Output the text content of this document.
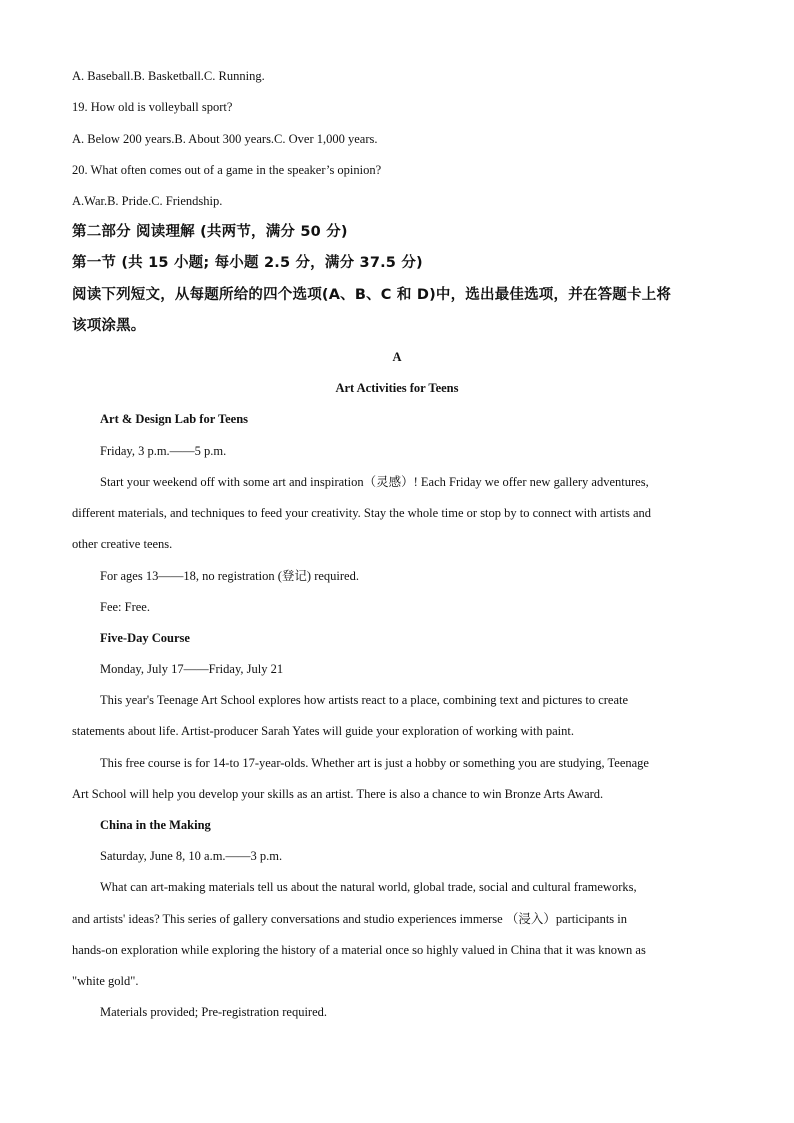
A. Baseball.B. Basketball.C. Running.
19. How old is volleyball sport?
A. Below 200 years.B. About 300 years.C. Over 1,000 years.
20. What often comes out of a game in the speaker’s opinion?
A.War.B. Pride.C. Friendship.
第二部分 阅读理解 (共两节，满分 50 分)
第一节 (共 15 小题; 每小题 2.5 分，满分 37.5 分)
阅读下列短文，从每题所给的四个选项(A、B、C 和 D)中，选出最佳选项，并在答题卡上将
该项涂黑。
A
Art Activities for Teens
Art & Design Lab for Teens
Friday, 3 p.m.——5 p.m.
Start your weekend off with some art and inspiration（灵感）! Each Friday we offer new gallery adventures,
different materials, and techniques to feed your creativity. Stay the whole time or stop by to connect with artists and
other creative teens.
For ages 13——18, no registration (登记) required.
Fee: Free.
Five-Day Course
Monday, July 17——Friday, July 21
This year's Teenage Art School explores how artists react to a place, combining text and pictures to create
statements about life. Artist-producer Sarah Yates will guide your exploration of working with paint.
This free course is for 14-to 17-year-olds. Whether art is just a hobby or something you are studying, Teenage
Art School will help you develop your skills as an artist. There is also a chance to win Bronze Arts Award.
China in the Making
Saturday, June 8, 10 a.m.——3 p.m.
What can art-making materials tell us about the natural world, global trade, social and cultural frameworks,
and artists' ideas? This series of gallery conversations and studio experiences immerse （浸入）participants in
hands-on exploration while exploring the history of a material once so highly valued in China that it was known as
"white gold".
Materials provided; Pre-registration required.
